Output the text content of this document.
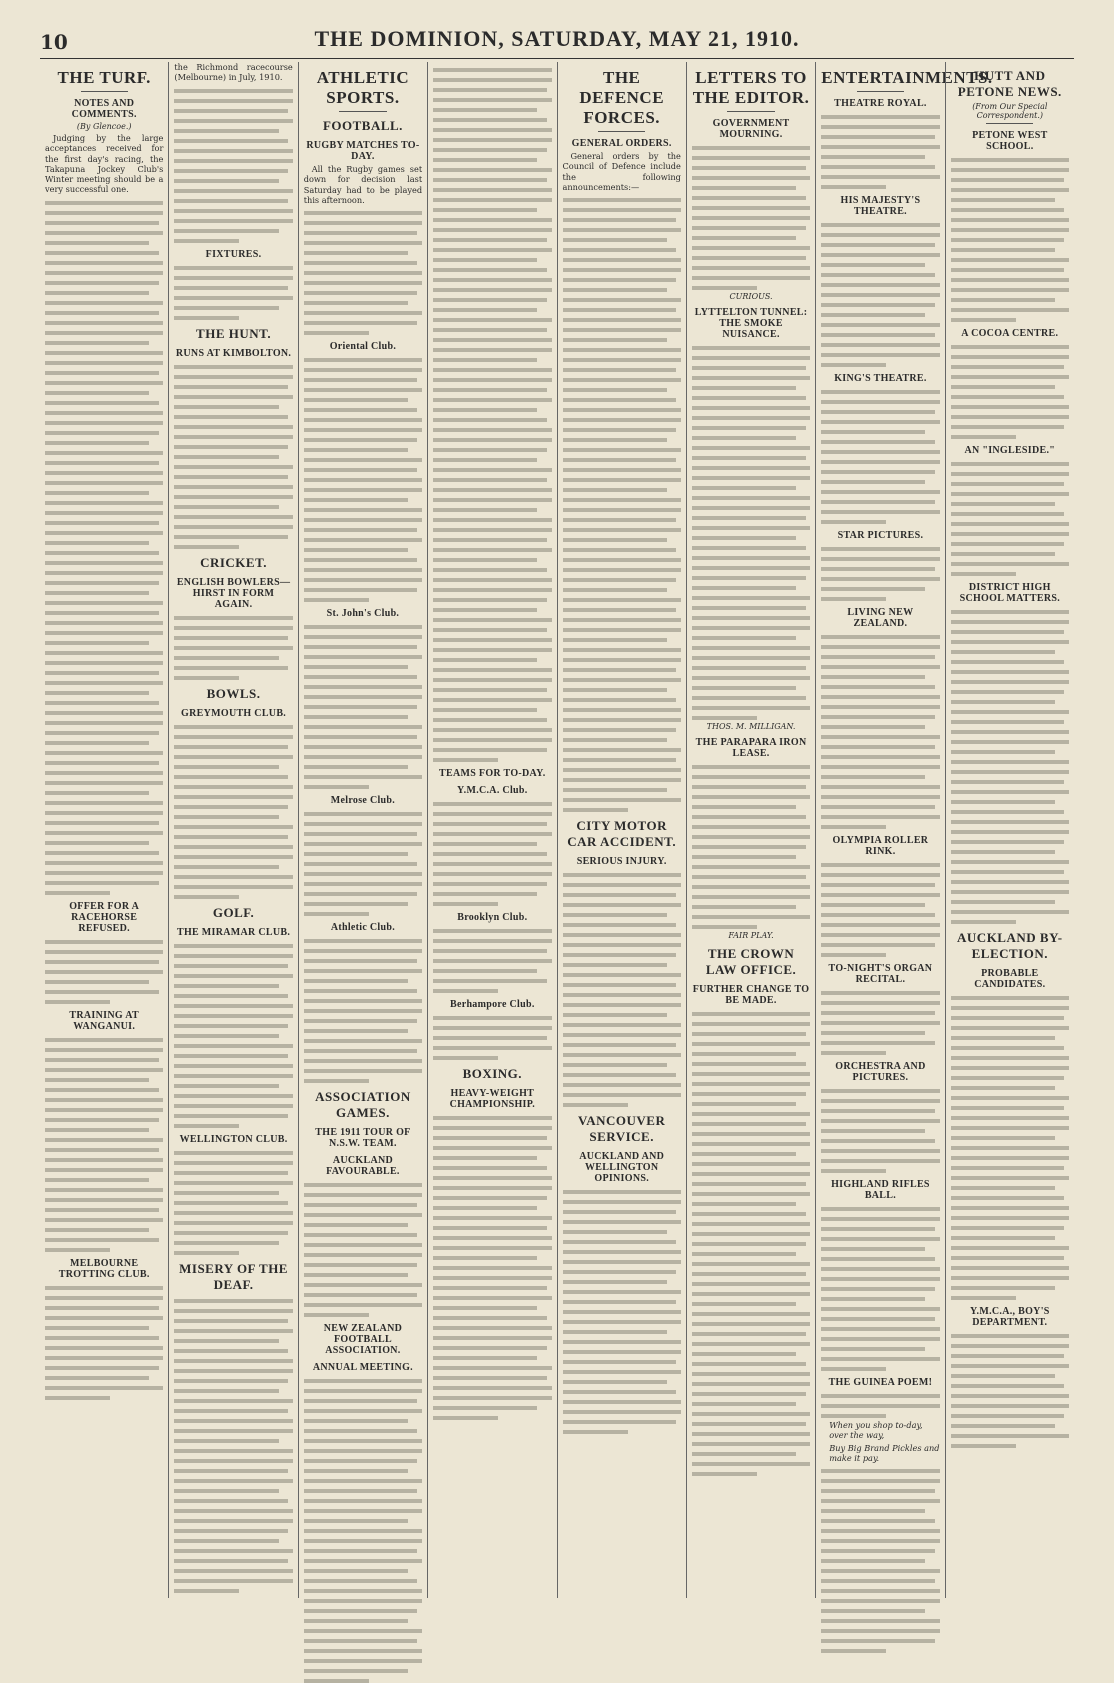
10	THE DOMINION, SATURDAY, MAY 21, 1910.
THE TURF.
NOTES AND COMMENTS.
(By Glencoe.)

Judging by the large acceptances received for the first day's racing, the Takapuna Jockey Club's Winter meeting should be a very successful one.

OFFER FOR A RACEHORSE REFUSED.
TRAINING AT WANGANUI.
MELBOURNE TROTTING CLUB.

the Richmond racecourse (Melbourne) in July, 1910.

FIXTURES.
THE HUNT.
RUNS AT KIMBOLTON.
CRICKET.
ENGLISH BOWLERS—HIRST IN FORM AGAIN.
BOWLS.
GREYMOUTH CLUB.
GOLF.
THE MIRAMAR CLUB.
WELLINGTON CLUB.
MISERY OF THE DEAF.
ATHLETIC SPORTS.
FOOTBALL.
RUGBY MATCHES TO-DAY.

All the Rugby games set down for decision last Saturday had to be played this afternoon.

Oriental Club.
St. John's Club.
Melrose Club.
Athletic Club.
ASSOCIATION GAMES.
THE 1911 TOUR OF N.S.W. TEAM.
AUCKLAND FAVOURABLE.
NEW ZEALAND FOOTBALL ASSOCIATION.
ANNUAL MEETING.
TEAMS FOR TO-DAY.
Y.M.C.A. Club.
Brooklyn Club.
Berhampore Club.
BOXING.
HEAVY-WEIGHT CHAMPIONSHIP.
THE DEFENCE FORCES.
GENERAL ORDERS.

General orders by the Council of Defence include the following announcements:—

CITY MOTOR CAR ACCIDENT.
SERIOUS INJURY.
VANCOUVER SERVICE.
AUCKLAND AND WELLINGTON OPINIONS.
LETTERS TO THE EDITOR.
GOVERNMENT MOURNING.
CURIOUS.
LYTTELTON TUNNEL: THE SMOKE NUISANCE.
THOS. M. MILLIGAN.
THE PARAPARA IRON LEASE.
FAIR PLAY.
THE CROWN LAW OFFICE.
FURTHER CHANGE TO BE MADE.
ENTERTAINMENTS.
THEATRE ROYAL.
HIS MAJESTY'S THEATRE.
KING'S THEATRE.
STAR PICTURES.
LIVING NEW ZEALAND.
OLYMPIA ROLLER RINK.
TO-NIGHT'S ORGAN RECITAL.
ORCHESTRA AND PICTURES.
HIGHLAND RIFLES BALL.
THE GUINEA POEM!
When you shop to-day, over the way,
Buy Big Brand Pickles and make it pay.
HUTT AND PETONE NEWS.
(From Our Special Correspondent.)
PETONE WEST SCHOOL.
A COCOA CENTRE.
AN "INGLESIDE."
DISTRICT HIGH SCHOOL MATTERS.
AUCKLAND BY-ELECTION.
PROBABLE CANDIDATES.
Y.M.C.A., BOY'S DEPARTMENT.
